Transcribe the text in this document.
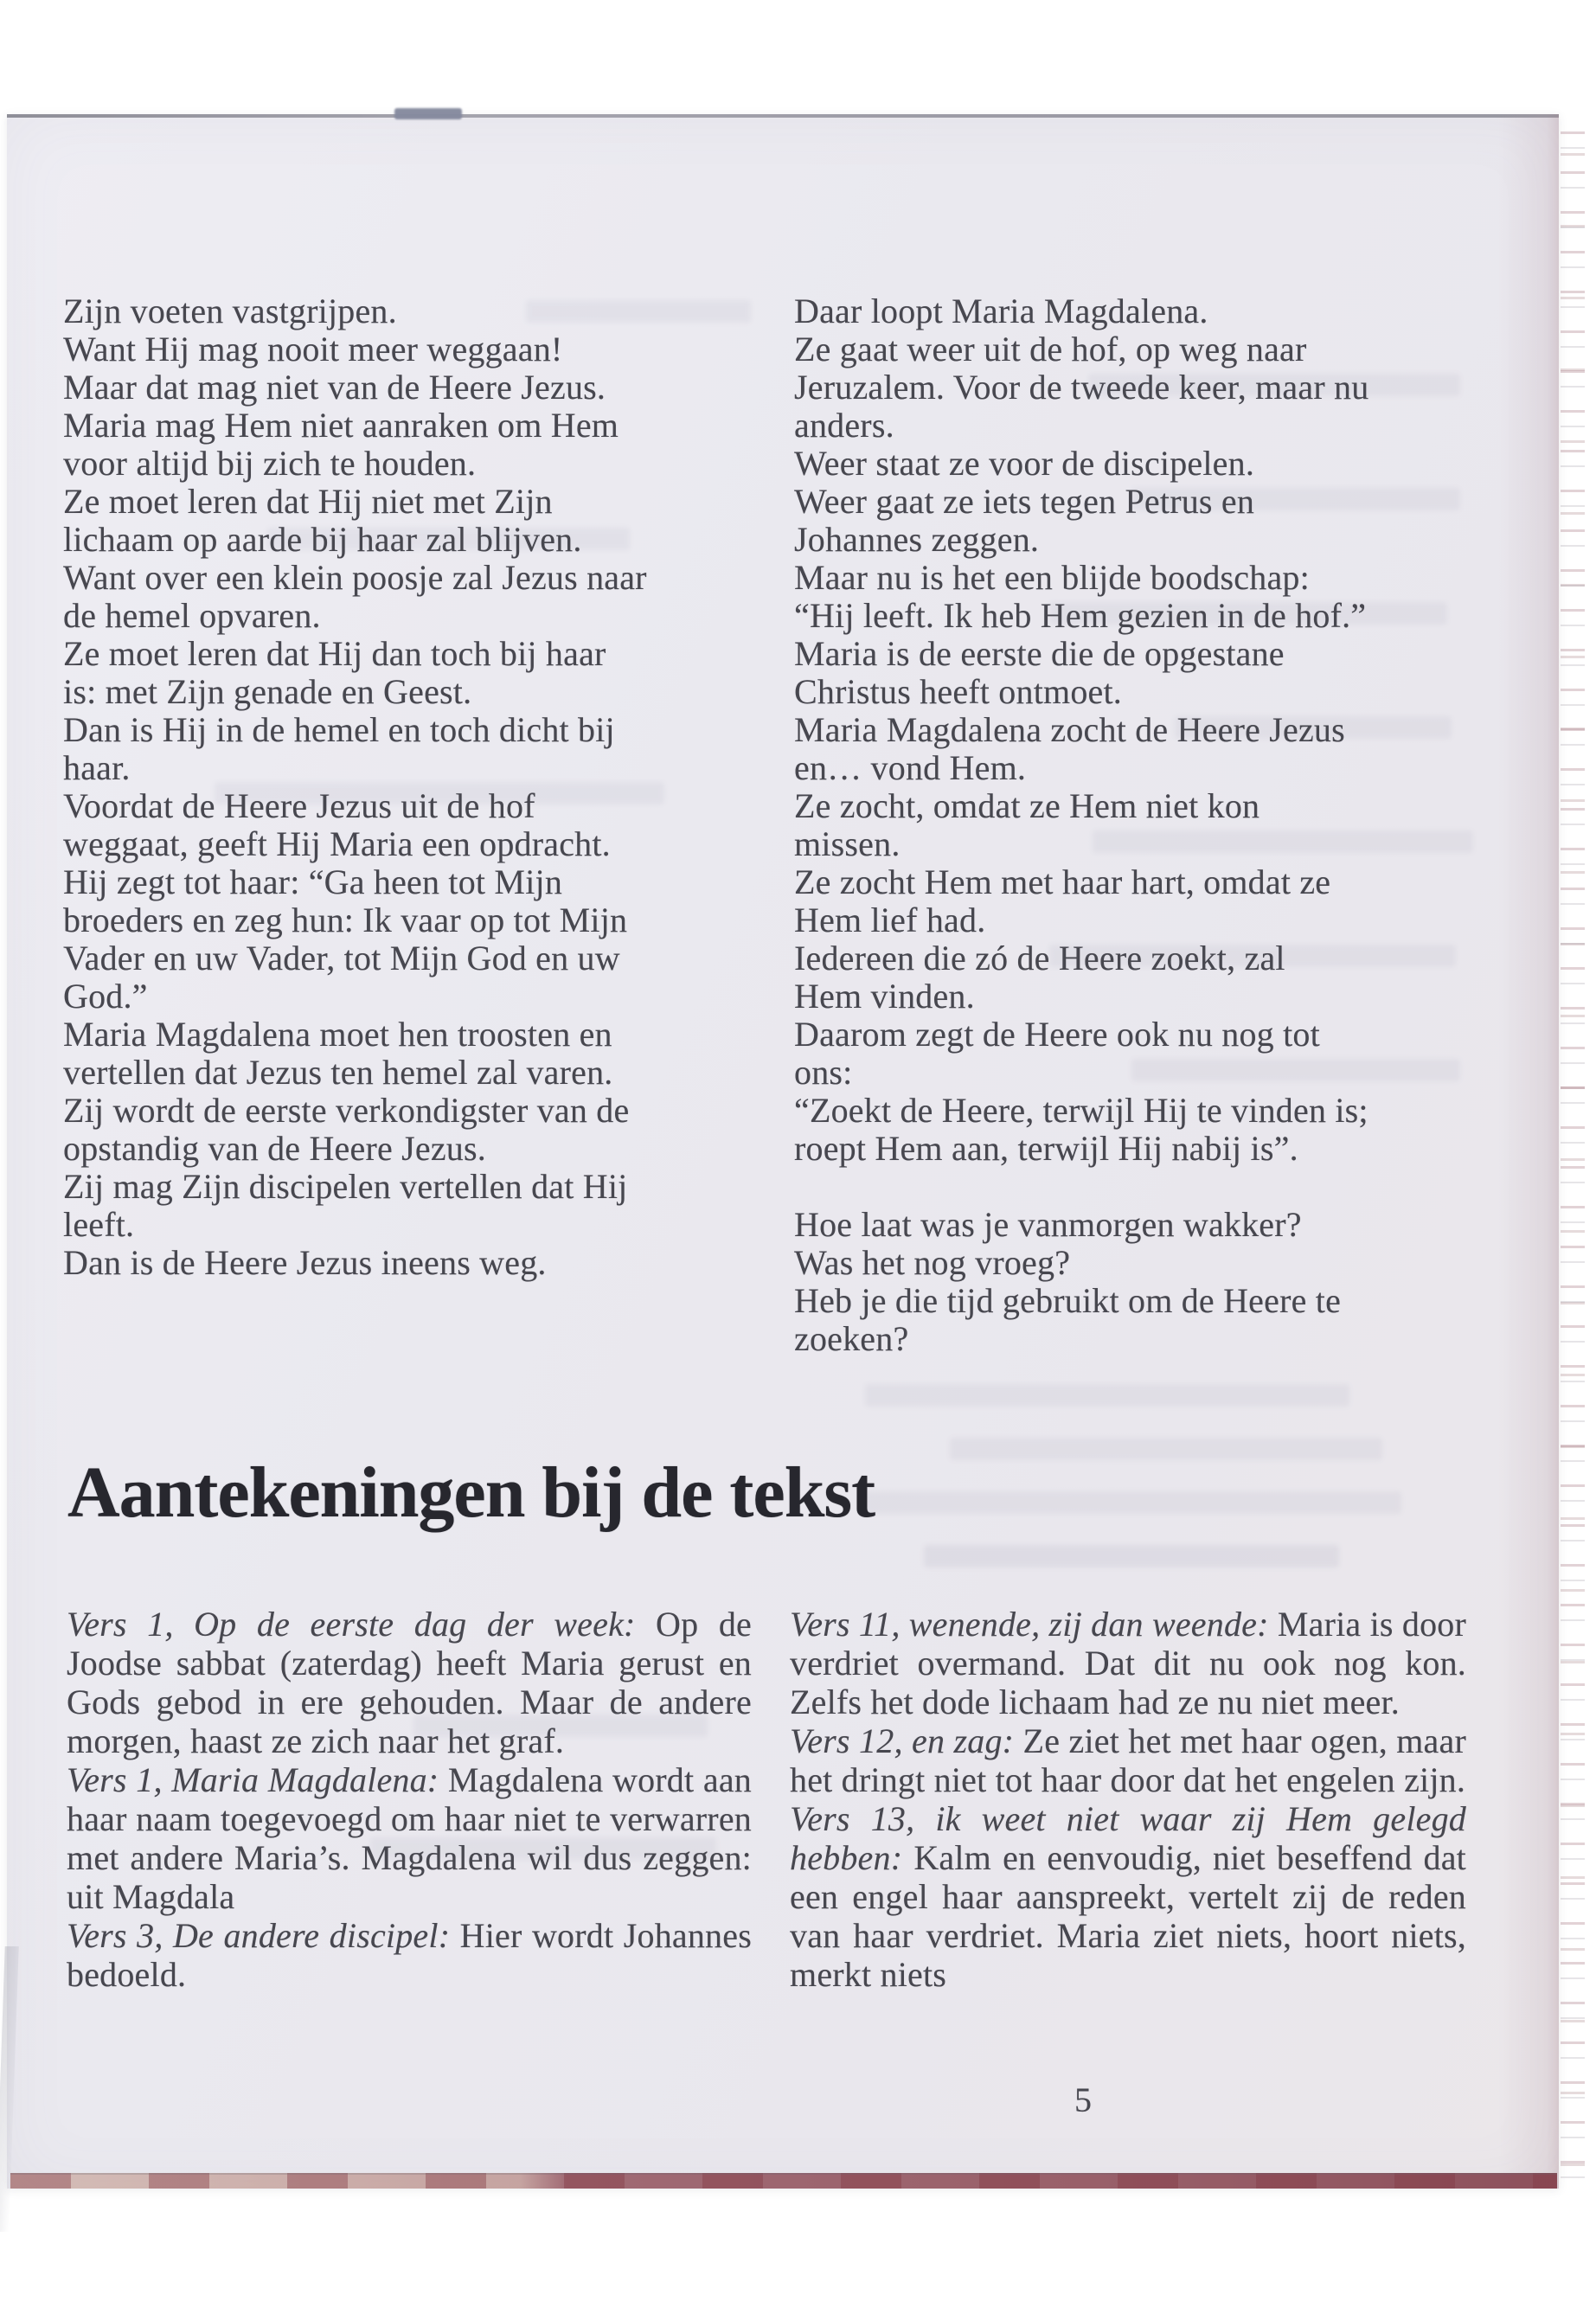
Zijn voeten vastgrijpen.
Want Hij mag nooit meer weggaan!
Maar dat mag niet van de Heere Jezus.
Maria mag Hem niet aanraken om Hem
voor altijd bij zich te houden.
Ze moet leren dat Hij niet met Zijn
lichaam op aarde bij haar zal blijven.
Want over een klein poosje zal Jezus naar
de hemel opvaren.
Ze moet leren dat Hij dan toch bij haar
is: met Zijn genade en Geest.
Dan is Hij in de hemel en toch dicht bij
haar.
Voordat de Heere Jezus uit de hof
weggaat, geeft Hij Maria een opdracht.
Hij zegt tot haar: “Ga heen tot Mijn
broeders en zeg hun: Ik vaar op tot Mijn
Vader en uw Vader, tot Mijn God en uw
God.”
Maria Magdalena moet hen troosten en
vertellen dat Jezus ten hemel zal varen.
Zij wordt de eerste verkondigster van de
opstandig van de Heere Jezus.
Zij mag Zijn discipelen vertellen dat Hij
leeft.
Dan is de Heere Jezus ineens weg.
Daar loopt Maria Magdalena.
Ze gaat weer uit de hof, op weg naar
Jeruzalem. Voor de tweede keer, maar nu
anders.
Weer staat ze voor de discipelen.
Weer gaat ze iets tegen Petrus en
Johannes zeggen.
Maar nu is het een blijde boodschap:
“Hij leeft. Ik heb Hem gezien in de hof.”
Maria is de eerste die de opgestane
Christus heeft ontmoet.
Maria Magdalena zocht de Heere Jezus
en… vond Hem.
Ze zocht, omdat ze Hem niet kon
missen.
Ze zocht Hem met haar hart, omdat ze
Hem lief had.
Iedereen die zó de Heere zoekt, zal
Hem vinden.
Daarom zegt de Heere ook nu nog tot
ons:
“Zoekt de Heere, terwijl Hij te vinden is;
roept Hem aan, terwijl Hij nabij is”.
Hoe laat was je vanmorgen wakker?
Was het nog vroeg?
Heb je die tijd gebruikt om de Heere te
zoeken?
Aantekeningen bij de tekst

Vers 1, Op de eerste dag der week: Op de Joodse sabbat (zaterdag) heeft Maria gerust en Gods gebod in ere gehouden. Maar de andere morgen, haast ze zich naar het graf.

Vers 1, Maria Magdalena: Magdalena wordt aan haar naam toegevoegd om haar niet te verwarren met andere Maria’s. Magdalena wil dus zeggen: uit Magdala

Vers 3, De andere discipel: Hier wordt Johannes bedoeld.

Vers 11, wenende, zij dan weende: Maria is door verdriet overmand. Dat dit nu ook nog kon. Zelfs het dode lichaam had ze nu niet meer.

Vers 12, en zag: Ze ziet het met haar ogen, maar het dringt niet tot haar door dat het engelen zijn.

Vers 13, ik weet niet waar zij Hem gelegd hebben: Kalm en eenvoudig, niet beseffend dat een engel haar aanspreekt, vertelt zij de reden van haar verdriet. Maria ziet niets, hoort niets, merkt niets

5
